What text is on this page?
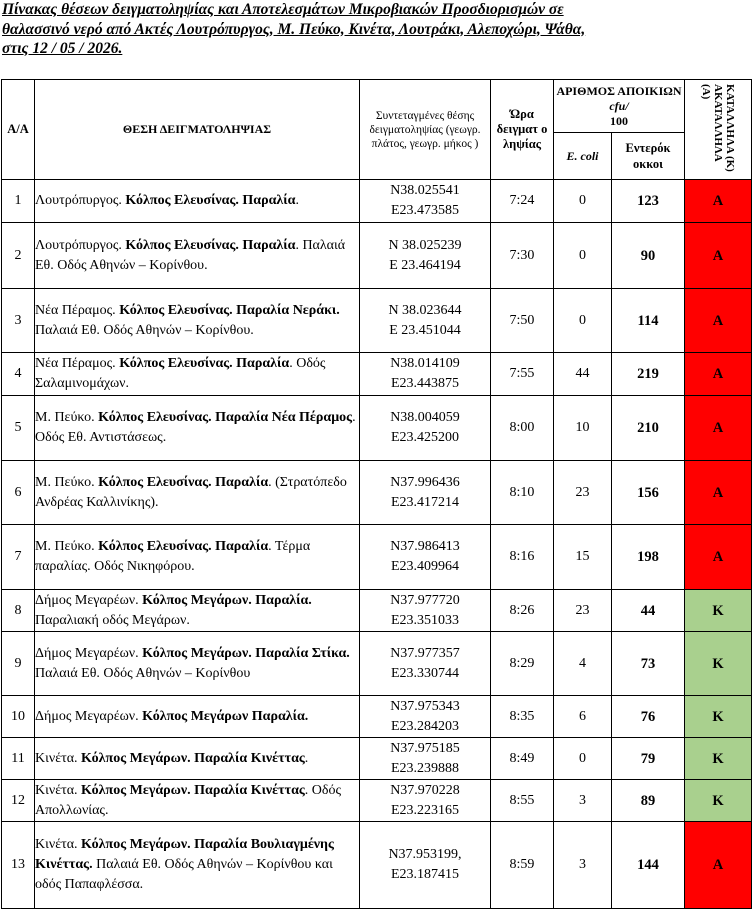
Πίνακας θέσεων δειγματοληψίας και Αποτελεσμάτων Μικροβιακών Προσδιορισμών σε
θαλασσινό νερό από Ακτές Λουτρόπυργος, Μ. Πεύκο, Κινέτα, Λουτράκι, Αλεποχώρι, Ψάθα,
στις 12 / 05 / 2026.
Α/Α	ΘΕΣΗ ΔΕΙΓΜΑΤΟΛΗΨΙΑΣ	Συντεταγμένες θέσης δειγματοληψίας (γεωγρ. πλάτος, γεωγρ. μήκος )	Ώρα δειγματ ο ληψίας	ΑΡΙΘΜΟΣ ΑΠΟΙΚΙΩΝ cfu/
100		ΚΑΤΑΛΛΗΛΑ (Κ) ΑΚΑΤΑΛΛΗΛΑ (Α)

				E. coli	Εντερόκ οκκοι	
1	Λουτρόπυργος. Κόλπος Ελευσίνας. Παραλία.	N38.025541
E23.473585	7:24	0	123	Α
2	Λουτρόπυργος. Κόλπος Ελευσίνας. Παραλία. Παλαιά Εθ. Οδός Αθηνών – Κορίνθου.	N 38.025239
E 23.464194	7:30	0	90	Α
3	Νέα Πέραμος. Κόλπος Ελευσίνας. Παραλία Νεράκι. Παλαιά Εθ. Οδός Αθηνών – Κορίνθου.	N 38.023644
E 23.451044	7:50	0	114	Α
4	Νέα Πέραμος. Κόλπος Ελευσίνας. Παραλία. Οδός Σαλαμινομάχων.	N38.014109
E23.443875	7:55	44	219	Α
5	Μ. Πεύκο. Κόλπος Ελευσίνας. Παραλία Νέα Πέραμος. Οδός Εθ. Αντιστάσεως.	N38.004059
E23.425200	8:00	10	210	Α
6	Μ. Πεύκο. Κόλπος Ελευσίνας. Παραλία. (Στρατόπεδο Ανδρέας Καλλινίκης).	N37.996436
E23.417214	8:10	23	156	Α
7	Μ. Πεύκο. Κόλπος Ελευσίνας. Παραλία. Τέρμα παραλίας. Οδός Νικηφόρου.	N37.986413
E23.409964	8:16	15	198	Α
8	Δήμος Μεγαρέων. Κόλπος Μεγάρων. Παραλία. Παραλιακή οδός Μεγάρων.	N37.977720
E23.351033	8:26	23	44	Κ
9	Δήμος Μεγαρέων. Κόλπος Μεγάρων. Παραλία Στίκα. Παλαιά Εθ. Οδός Αθηνών – Κορίνθου	N37.977357
E23.330744	8:29	4	73	Κ
10	Δήμος Μεγαρέων. Κόλπος Μεγάρων Παραλία.	N37.975343
E23.284203	8:35	6	76	Κ
11	Κινέτα. Κόλπος Μεγάρων. Παραλία Κινέττας.	N37.975185
E23.239888	8:49	0	79	Κ
12	Κινέτα. Κόλπος Μεγάρων. Παραλία Κινέττας. Οδός Απολλωνίας.	N37.970228
E23.223165	8:55	3	89	Κ
13	Κινέτα. Κόλπος Μεγάρων. Παραλία Βουλιαγμένης Κινέττας. Παλαιά Εθ. Οδός Αθηνών – Κορίνθου και οδός Παπαφλέσσα.	N37.953199,
E23.187415	8:59	3	144	Α
